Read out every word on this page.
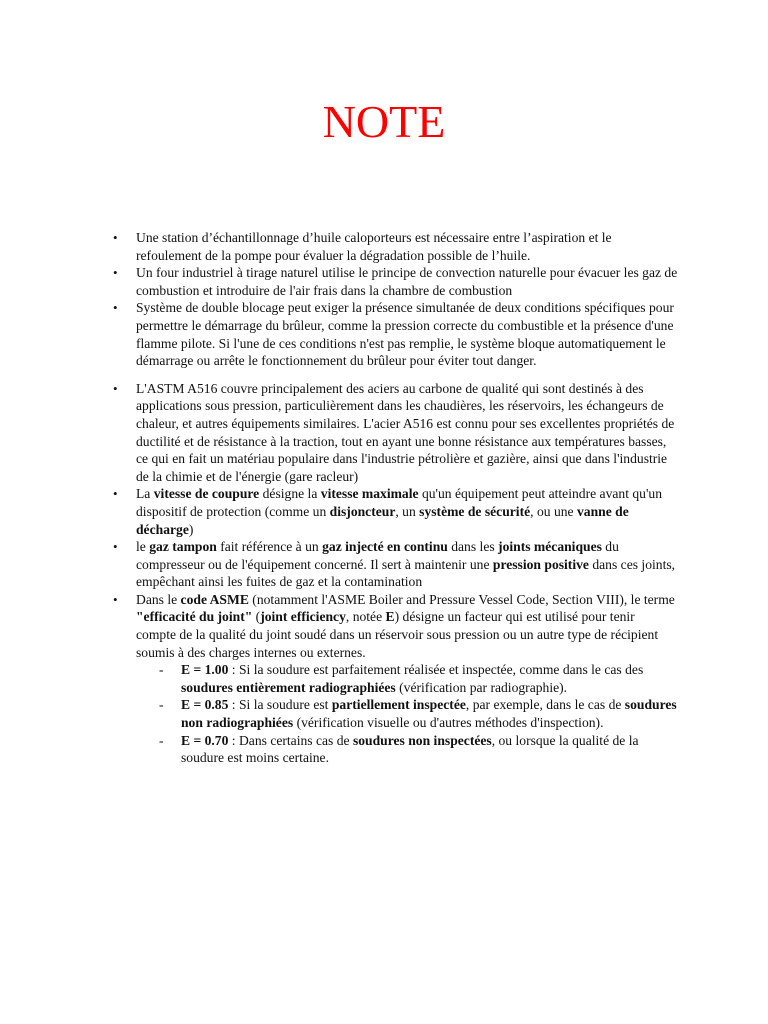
NOTE
•	Une station d’échantillonnage d’huile caloporteurs est nécessaire entre l’aspiration et le refoulement de la pompe pour évaluer la dégradation possible de l’huile.
•	Un four industriel à tirage naturel utilise le principe de convection naturelle pour évacuer les gaz de combustion et introduire de l'air frais dans la chambre de combustion
•	Système de double blocage peut exiger la présence simultanée de deux conditions spécifiques pour permettre le démarrage du brûleur, comme la pression correcte du combustible et la présence d'une flamme pilote. Si l'une de ces conditions n'est pas remplie, le système bloque automatiquement le démarrage ou arrête le fonctionnement du brûleur pour éviter tout danger.
•	L'ASTM A516 couvre principalement des aciers au carbone de qualité qui sont destinés à des applications sous pression, particulièrement dans les chaudières, les réservoirs, les échangeurs de chaleur, et autres équipements similaires. L'acier A516 est connu pour ses excellentes propriétés de ductilité et de résistance à la traction, tout en ayant une bonne résistance aux températures basses, ce qui en fait un matériau populaire dans l'industrie pétrolière et gazière, ainsi que dans l'industrie de la chimie et de l'énergie (gare racleur)
•	La vitesse de coupure désigne la vitesse maximale qu'un équipement peut atteindre avant qu'un dispositif de protection (comme un disjoncteur, un système de sécurité, ou une vanne de décharge)
•	le gaz tampon fait référence à un gaz injecté en continu dans les joints mécaniques du compresseur ou de l'équipement concerné. Il sert à maintenir une pression positive dans ces joints, empêchant ainsi les fuites de gaz et la contamination
•	Dans le code ASME (notamment l'ASME Boiler and Pressure Vessel Code, Section VIII), le terme "efficacité du joint" (joint efficiency, notée E) désigne un facteur qui est utilisé pour tenir compte de la qualité du joint soudé dans un réservoir sous pression ou un autre type de récipient soumis à des charges internes ou externes.
- E = 1.00 : Si la soudure est parfaitement réalisée et inspectée, comme dans le cas des soudures entièrement radiographiées (vérification par radiographie).
- E = 0.85 : Si la soudure est partiellement inspectée, par exemple, dans le cas de soudures non radiographiées (vérification visuelle ou d'autres méthodes d'inspection).
- E = 0.70 : Dans certains cas de soudures non inspectées, ou lorsque la qualité de la soudure est moins certaine.
